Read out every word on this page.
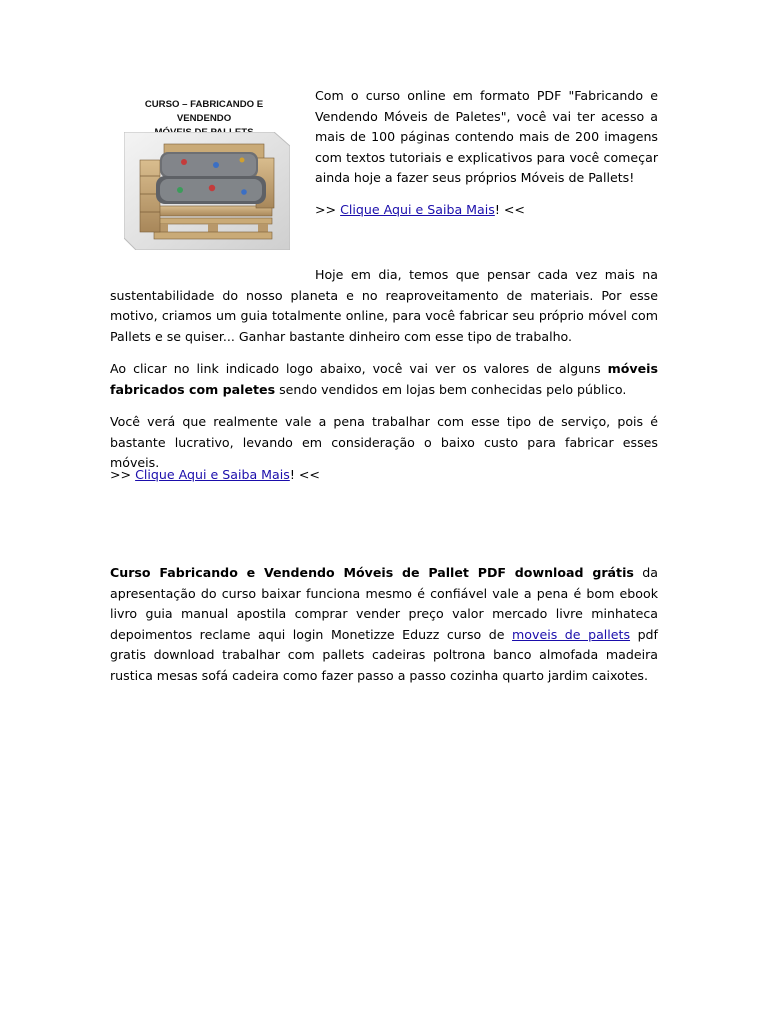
CURSO – FABRICANDO E VENDENDO

Com o curso online em formato PDF "Fabricando e Vendendo Móveis de Paletes", você vai ter acesso a mais de 100 páginas contendo mais de 200 imagens com textos tutoriais e explicativos para você começar ainda hoje a fazer seus próprios Móveis de Pallets!

>> Clique Aqui e Saiba Mais! <<

Hoje em dia, temos que pensar cada vez mais na sustentabilidade do nosso planeta e no reaproveitamento de materiais. Por esse motivo, criamos um guia totalmente online, para você fabricar seu próprio móvel com Pallets e se quiser... Ganhar bastante dinheiro com esse tipo de trabalho.

Ao clicar no link indicado logo abaixo, você vai ver os valores de alguns móveis fabricados com paletes sendo vendidos em lojas bem conhecidas pelo público.

Você verá que realmente vale a pena trabalhar com esse tipo de serviço, pois é bastante lucrativo, levando em consideração o baixo custo para fabricar esses móveis.

>> Clique Aqui e Saiba Mais! <<

Curso Fabricando e Vendendo Móveis de Pallet PDF download grátis da apresentação do curso baixar funciona mesmo é confiável vale a pena é bom ebook livro guia manual apostila comprar vender preço valor mercado livre minhateca depoimentos reclame aqui login Monetizze Eduzz curso de moveis de pallets pdf gratis download trabalhar com pallets cadeiras poltrona banco almofada madeira rustica mesas sofá cadeira como fazer passo a passo cozinha quarto jardim caixotes.
